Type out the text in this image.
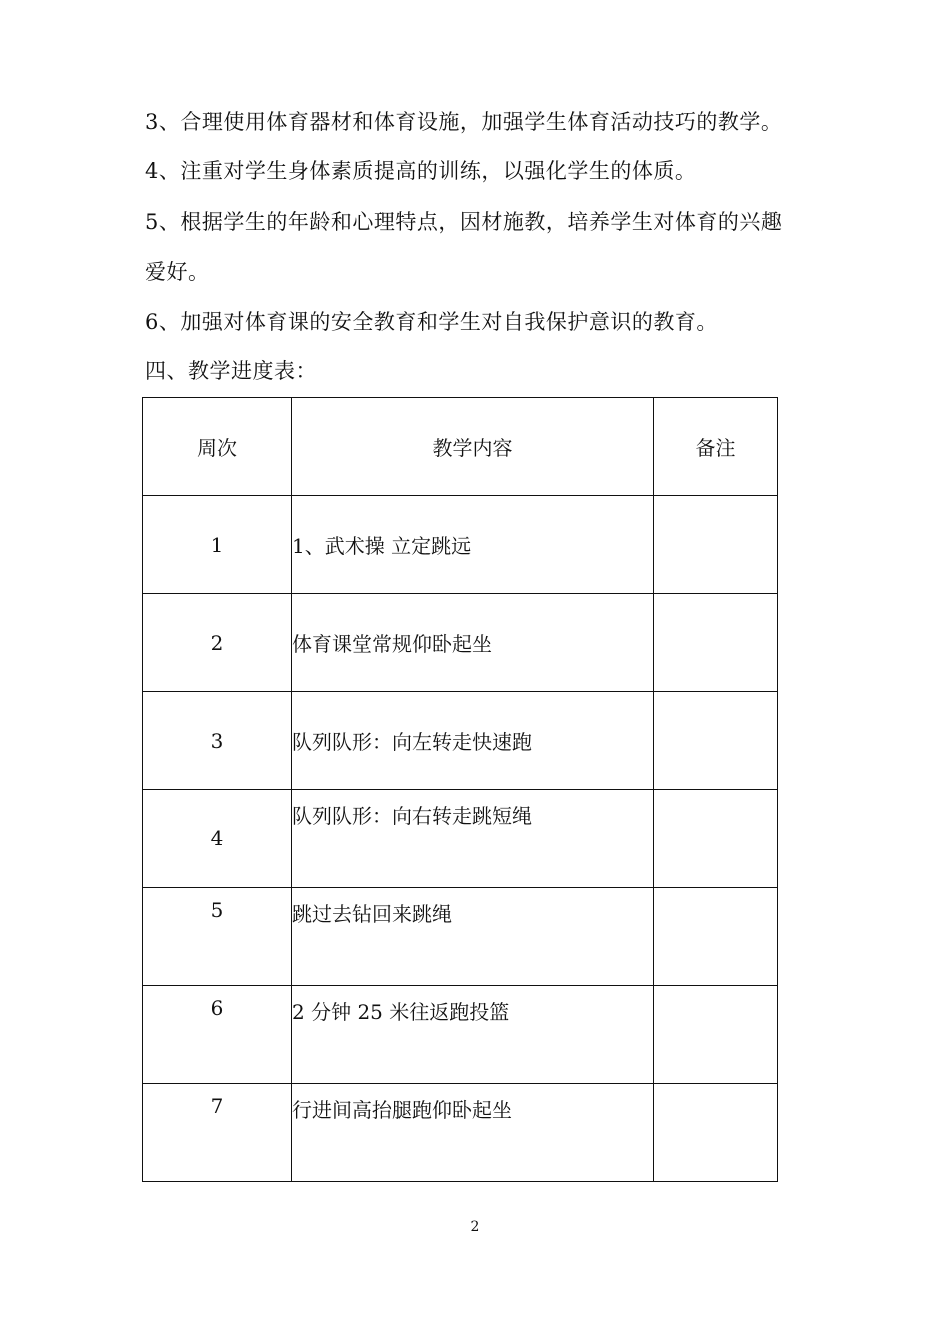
3、合理使用体育器材和体育设施，加强学生体育活动技巧的教学。
4、注重对学生身体素质提高的训练，以强化学生的体质。
5、根据学生的年龄和心理特点，因材施教，培养学生对体育的兴趣
爱好。
6、加强对体育课的安全教育和学生对自我保护意识的教育。
四、教学进度表：
周次	教学内容	备注
1	1、武术操 立定跳远	
2	体育课堂常规仰卧起坐	
3	队列队形：向左转走快速跑	
4	队列队形：向右转走跳短绳	
5	跳过去钻回来跳绳	
6	2 分钟 25 米往返跑投篮	
7	行进间高抬腿跑仰卧起坐	
2
